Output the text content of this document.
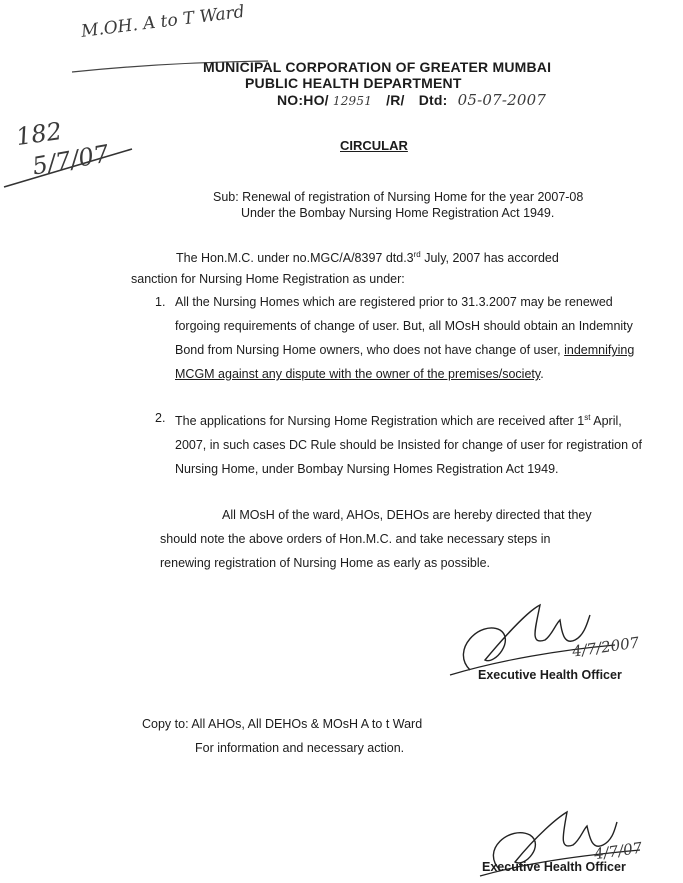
M.OH. A to T Ward
182
5/7/07
MUNICIPAL CORPORATION OF GREATER MUMBAI
PUBLIC HEALTH DEPARTMENT
NO:HO/ 12951 /R/ Dtd: 05-07-2007
CIRCULAR
Sub: Renewal of registration of Nursing Home for the year 2007-08
Under the Bombay Nursing Home Registration Act 1949.
The Hon.M.C. under no.MGC/A/8397 dtd.3rd July, 2007 has accorded
sanction for Nursing Home Registration as under:
1. All the Nursing Homes which are registered prior to 31.3.2007 may be renewed forgoing requirements of change of user. But, all MOsH should obtain an Indemnity Bond from Nursing Home owners, who does not have change of user, indemnifying MCGM against any dispute with the owner of the premises/society.
2. The applications for Nursing Home Registration which are received after 1st April, 2007, in such cases DC Rule should be Insisted for change of user for registration of Nursing Home, under Bombay Nursing Homes Registration Act 1949.
All MOsH of the ward, AHOs, DEHOs are hereby directed that they
should note the above orders of Hon.M.C. and take necessary steps in
renewing registration of Nursing Home as early as possible.
4/7/2007
Executive Health Officer
Copy to: All AHOs, All DEHOs & MOsH A to t Ward
For information and necessary action.
4/7/07
Executive Health Officer
